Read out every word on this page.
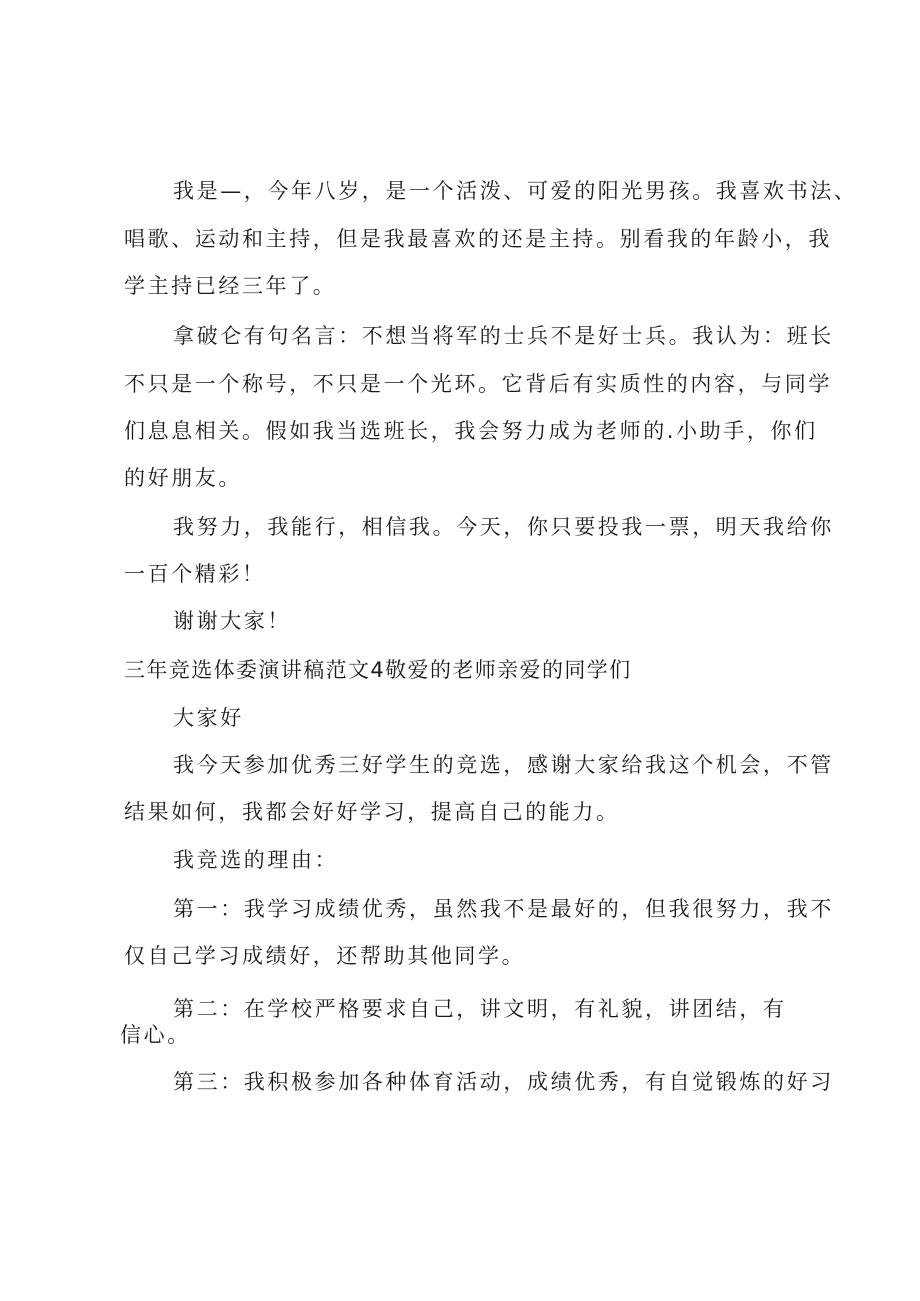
我是—，今年八岁，是一个活泼、可爱的阳光男孩。我喜欢书法、

唱歌、运动和主持，但是我最喜欢的还是主持。别看我的年龄小，我

学主持已经三年了。

拿破仑有句名言：不想当将军的士兵不是好士兵。我认为：班长

不只是一个称号，不只是一个光环。它背后有实质性的内容，与同学

们息息相关。假如我当选班长，我会努力成为老师的.小助手，你们

的好朋友。

我努力，我能行，相信我。今天，你只要投我一票，明天我给你

一百个精彩！

谢谢大家！

三年竞选体委演讲稿范文4敬爱的老师亲爱的同学们

大家好

我今天参加优秀三好学生的竞选，感谢大家给我这个机会，不管

结果如何，我都会好好学习，提高自己的能力。

我竞选的理由：

第一：我学习成绩优秀，虽然我不是最好的，但我很努力，我不

仅自己学习成绩好，还帮助其他同学。

第二：在学校严格要求自己，讲文明，有礼貌，讲团结，有

信心。

第三：我积极参加各种体育活动，成绩优秀，有自觉锻炼的好习
